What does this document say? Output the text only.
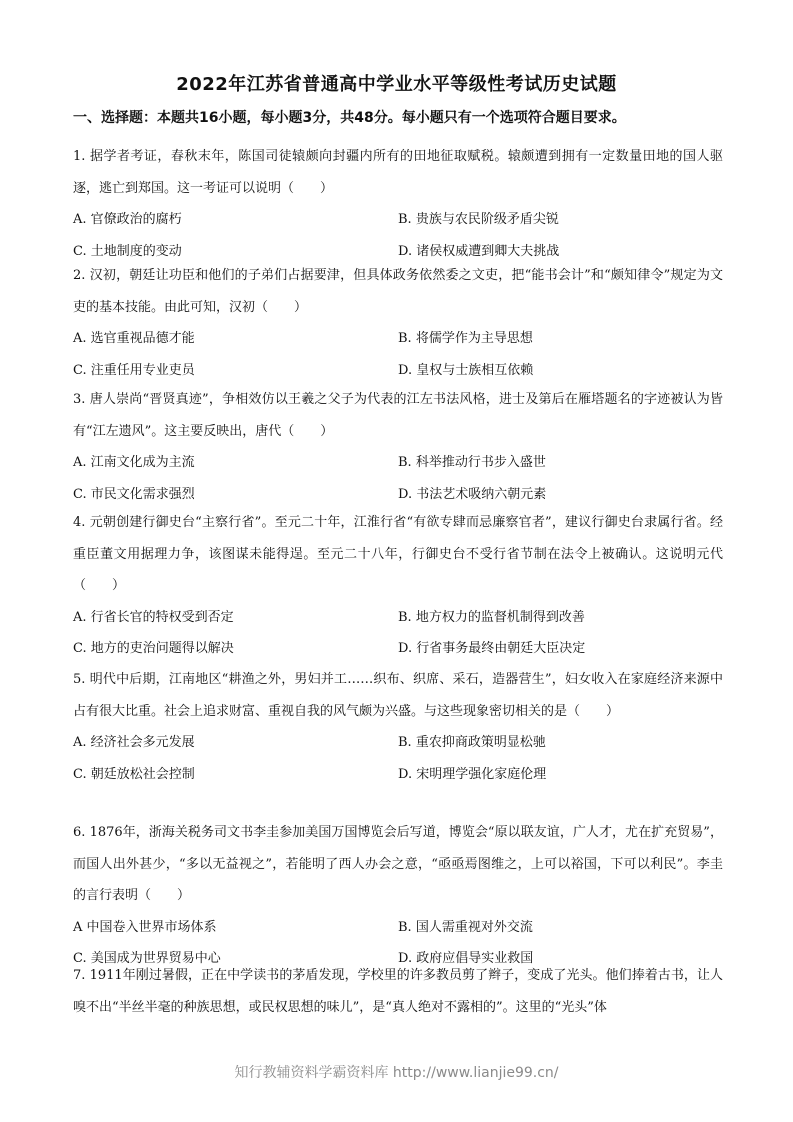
2022年江苏省普通高中学业水平等级性考试历史试题
一、选择题：本题共16小题，每小题3分，共48分。每小题只有一个选项符合题目要求。
1. 据学者考证，春秋末年，陈国司徒辕颇向封疆内所有的田地征取赋税。辕颇遭到拥有一定数量田地的国人驱逐，逃亡到郑国。这一考证可以说明（　　）
A. 官僚政治的腐朽	B. 贵族与农民阶级矛盾尖锐
C. 土地制度的变动	D. 诸侯权威遭到卿大夫挑战
2. 汉初，朝廷让功臣和他们的子弟们占据要津，但具体政务依然委之文吏，把“能书会计”和“颇知律令”规定为文吏的基本技能。由此可知，汉初（　　）
A. 选官重视品德才能	B. 将儒学作为主导思想
C. 注重任用专业吏员	D. 皇权与士族相互依赖
3. 唐人崇尚“晋贤真迹”，争相效仿以王羲之父子为代表的江左书法风格，进士及第后在雁塔题名的字迹被认为皆有“江左遗风”。这主要反映出，唐代（　　）
A. 江南文化成为主流	B. 科举推动行书步入盛世
C. 市民文化需求强烈	D. 书法艺术吸纳六朝元素
4. 元朝创建行御史台“主察行省”。至元二十年，江淮行省“有欲专肆而忌廉察官者”，建议行御史台隶属行省。经重臣董文用据理力争，该图谋未能得逞。至元二十八年，行御史台不受行省节制在法令上被确认。这说明元代（　　）
A. 行省长官的特权受到否定	B. 地方权力的监督机制得到改善
C. 地方的吏治问题得以解决	D. 行省事务最终由朝廷大臣决定
5. 明代中后期，江南地区“耕渔之外，男妇并工……织布、织席、采石，造器营生”，妇女收入在家庭经济来源中占有很大比重。社会上追求财富、重视自我的风气颇为兴盛。与这些现象密切相关的是（　　）
A. 经济社会多元发展	B. 重农抑商政策明显松驰
C. 朝廷放松社会控制	D. 宋明理学强化家庭伦理
6. 1876年，浙海关税务司文书李圭参加美国万国博览会后写道，博览会“原以联友谊，广人才，尤在扩充贸易”，而国人出外甚少，“多以无益视之”，若能明了西人办会之意，“亟亟焉图维之，上可以裕国，下可以利民”。李圭的言行表明（　　）
A 中国卷入世界市场体系	B. 国人需重视对外交流
C. 美国成为世界贸易中心	D. 政府应倡导实业救国
7. 1911年刚过暑假，正在中学读书的茅盾发现，学校里的许多教员剪了辫子，变成了光头。他们捧着古书，让人嗅不出“半丝半毫的种族思想，或民权思想的味儿”，是“真人绝对不露相的”。这里的“光头”体
知行教辅资料学霸资料库 http://www.lianjie99.cn/
